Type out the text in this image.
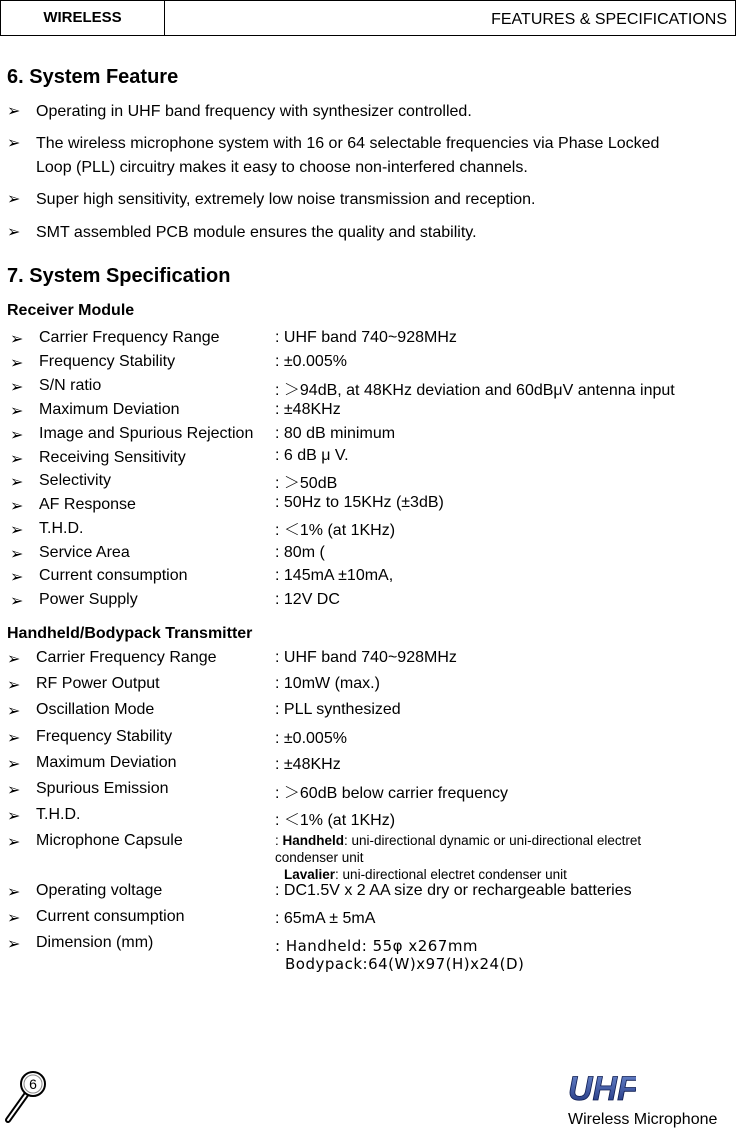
WIRELESS	FEATURES & SPECIFICATIONS
6. System Feature
➢ Operating in UHF band frequency with synthesizer controlled.
➢ The wireless microphone system with 16 or 64 selectable frequencies via Phase Locked Loop (PLL) circuitry makes it easy to choose non-interfered channels.
➢ Super high sensitivity, extremely low noise transmission and reception.
➢ SMT assembled PCB module ensures the quality and stability.
7. System Specification
Receiver Module
➢ Carrier Frequency Range	: UHF band 740~928MHz
➢ Frequency Stability	: ±0.005%
➢ S/N ratio	: ＞94dB, at 48KHz deviation and 60dBμV antenna input
➢ Maximum Deviation	: ±48KHz
➢ Image and Spurious Rejection : 80 dB minimum
➢ Receiving Sensitivity	: 6 dB μ V.
➢ Selectivity	: ＞50dB
➢ AF Response	: 50Hz to 15KHz (±3dB)
➢ T.H.D.	: ＜1% (at 1KHz)
➢ Service Area	: 80m (
➢ Current consumption	: 145mA ±10mA,
➢ Power Supply	: 12V DC
Handheld/Bodypack Transmitter
➢ Carrier Frequency Range	: UHF band 740~928MHz
➢ RF Power Output	: 10mW (max.)
➢ Oscillation Mode	: PLL synthesized
➢ Frequency Stability	: ±0.005%
➢ Maximum Deviation	: ±48KHz
➢ Spurious Emission	: ＞60dB below carrier frequency
➢ T.H.D.	: ＜1% (at 1KHz)
➢ Microphone Capsule	: Handheld: uni-directional dynamic or uni-directional electret condenser unit
Lavalier: uni-directional electret condenser unit
➢ Operating voltage	: DC1.5V x 2 AA size dry or rechargeable batteries
➢ Current consumption	: 65mA ± 5mA
➢ Dimension (mm)	: Handheld: 55φ x267mm
Bodypack:64(W)x97(H)x24(D)
6	UHF
Wireless Microphone
